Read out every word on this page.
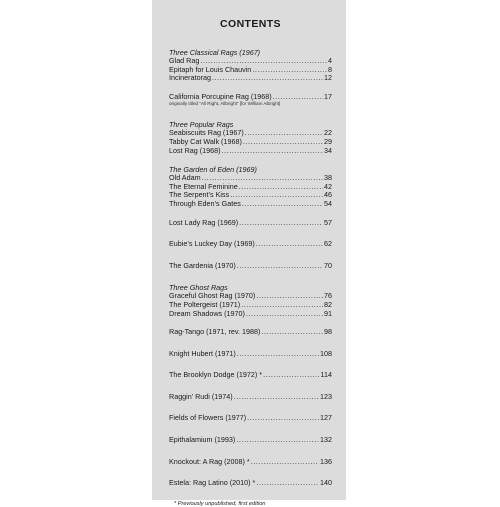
CONTENTS
Three Classical Rags (1967)
Glad Rag .....	4
Epitaph for Louis Chauvin .....	8
Incineratorag .....	12
California Porcupine Rag (1968) .....	17
originally titled “All Right, Allbright” [for William Albright]
Three Popular Rags
Seabiscuits Rag (1967) .....	22
Tabby Cat Walk (1968) .....	29
Lost Rag (1968) .....	34
The Garden of Eden (1969)
Old Adam .....	38
The Eternal Feminine .....	42
The Serpent’s Kiss .....	46
Through Eden’s Gates .....	54
Lost Lady Rag (1969) .....	57
Eubie’s Luckey Day (1969) .....	62
The Gardenia (1970) .....	70
Three Ghost Rags
Graceful Ghost Rag (1970) .....	76
The Poltergeist (1971) .....	82
Dream Shadows (1970) .....	91
Rag-Tango (1971, rev. 1988) .....	98
Knight Hubert (1971) .....	108
The Brooklyn Dodge (1972) * .....	114
Raggin’ Rudi (1974) .....	123
Fields of Flowers (1977) .....	127
Epithalamium (1993) .....	132
Knockout: A Rag (2008) * .....	136
Estela: Rag Latino (2010) * .....	140
* Previously unpublished, first edition
